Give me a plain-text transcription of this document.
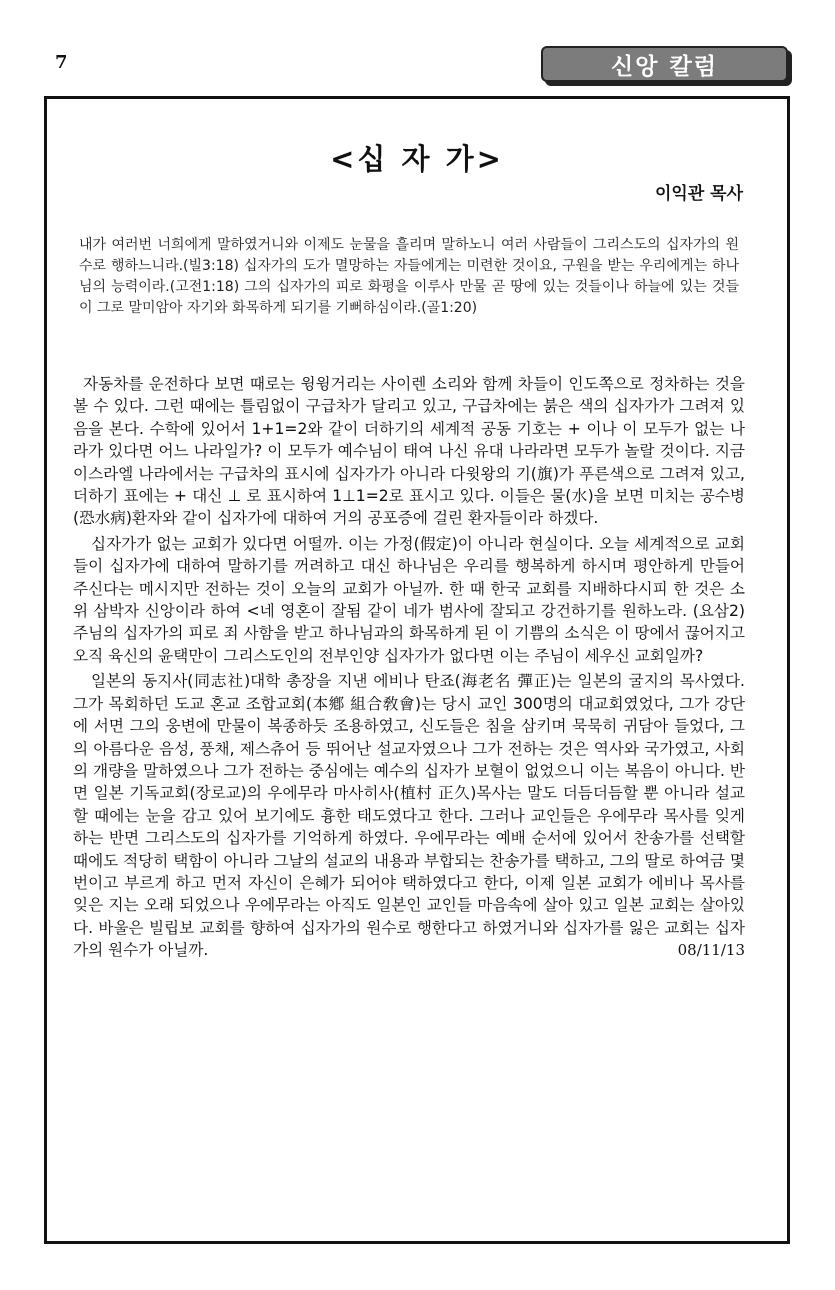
7	신앙 칼럼
<십 자 가>
이익관 목사
내가 여러번 너희에게 말하였거니와 이제도 눈물을 흘리며 말하노니 여러 사람들이 그리스도의 십자가의 원수로 행하느니라.(빌3:18) 십자가의 도가 멸망하는 자들에게는 미련한 것이요, 구원을 받는 우리에게는 하나님의 능력이라.(고전1:18) 그의 십자가의 피로 화평을 이루사 만물 곧 땅에 있는 것들이나 하늘에 있는 것들이 그로 말미암아 자기와 화목하게 되기를 기뻐하심이라.(골1:20)

자동차를 운전하다 보면 때로는 윙윙거리는 사이렌 소리와 함께 차들이 인도쪽으로 정차하는 것을 볼 수 있다. 그런 때에는 틀림없이 구급차가 달리고 있고, 구급차에는 붉은 색의 십자가가 그려져 있음을 본다. 수학에 있어서 1+1=2와 같이 더하기의 세계적 공동 기호는 + 이나 이 모두가 없는 나라가 있다면 어느 나라일가? 이 모두가 예수님이 태여 나신 유대 나라라면 모두가 놀랄 것이다. 지금 이스라엘 나라에서는 구급차의 표시에 십자가가 아니라 다윗왕의 기(旗)가 푸른색으로 그려져 있고, 더하기 표에는 + 대신 ⊥ 로 표시하여 1⊥1=2로 표시고 있다. 이들은 물(水)을 보면 미치는 공수병(恐水病)환자와 같이 십자가에 대하여 거의 공포증에 걸린 환자들이라 하겠다.

십자가가 없는 교회가 있다면 어떨까. 이는 가정(假定)이 아니라 현실이다. 오늘 세계적으로 교회들이 십자가에 대하여 말하기를 꺼려하고 대신 하나님은 우리를 행복하게 하시며 평안하게 만들어 주신다는 메시지만 전하는 것이 오늘의 교회가 아닐까. 한 때 한국 교회를 지배하다시피 한 것은 소위 삼박자 신앙이라 하여 <네 영혼이 잘됨 같이 네가 범사에 잘되고 강건하기를 원하노라. (요삼2) 주님의 십자가의 피로 죄 사함을 받고 하나님과의 화목하게 된 이 기쁨의 소식은 이 땅에서 끊어지고 오직 육신의 윤택만이 그리스도인의 전부인양 십자가가 없다면 이는 주님이 세우신 교회일까?

일본의 동지사(同志社)대학 총장을 지낸 에비나 탄죠(海老名 彈正)는 일본의 굴지의 목사였다. 그가 목회하던 도교 혼교 조합교회(本鄕 組合敎會)는 당시 교인 300명의 대교회였었다, 그가 강단에 서면 그의 웅변에 만물이 복종하듯 조용하였고, 신도들은 침을 삼키며 묵묵히 귀담아 들었다, 그의 아름다운 음성, 풍채, 제스츄어 등 뛰어난 설교자였으나 그가 전하는 것은 역사와 국가였고, 사회의 개량을 말하였으나 그가 전하는 중심에는 예수의 십자가 보혈이 없었으니 이는 복음이 아니다. 반면 일본 기독교회(장로교)의 우에무라 마사히사(植村 正久)목사는 말도 더듬더듬할 뿐 아니라 설교할 때에는 눈을 감고 있어 보기에도 흉한 태도였다고 한다. 그러나 교인들은 우에무라 목사를 잊게 하는 반면 그리스도의 십자가를 기억하게 하였다. 우에무라는 예배 순서에 있어서 찬송가를 선택할 때에도 적당히 택함이 아니라 그날의 설교의 내용과 부합되는 찬송가를 택하고, 그의 딸로 하여금 몇 번이고 부르게 하고 먼저 자신이 은혜가 되어야 택하였다고 한다, 이제 일본 교회가 에비나 목사를 잊은 지는 오래 되었으나 우에무라는 아직도 일본인 교인들 마음속에 살아 있고 일본 교회는 살아있다. 바울은 빌립보 교회를 향하여 십자가의 원수로 행한다고 하였거니와 십자가를 잃은 교회는 십자가의 원수가 아닐까.	08/11/13
